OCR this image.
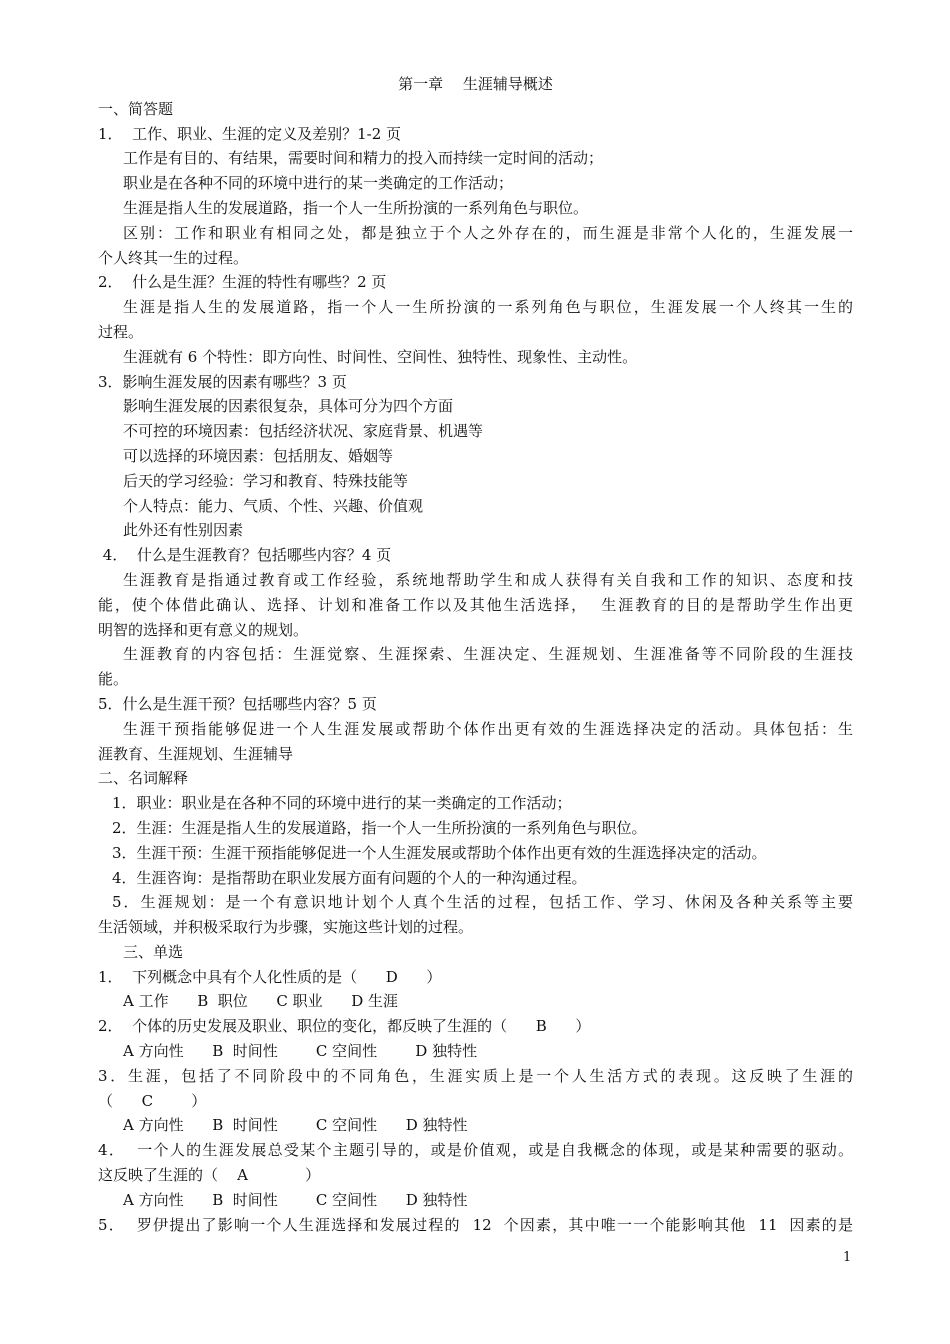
第一章　 生涯辅导概述

一、简答题

1．  工作、职业、生涯的定义及差别？1-2 页

工作是有目的、有结果，需要时间和精力的投入而持续一定时间的活动；

职业是在各种不同的环境中进行的某一类确定的工作活动；

生涯是指人生的发展道路，指一个人一生所扮演的一系列角色与职位。

区别：工作和职业有相同之处，都是独立于个人之外存在的，而生涯是非常个人化的，生涯发展一

个人终其一生的过程。

2．  什么是生涯？生涯的特性有哪些？2 页

生涯是指人生的发展道路，指一个人一生所扮演的一系列角色与职位，生涯发展一个人终其一生的

过程。

生涯就有 6 个特性：即方向性、时间性、空间性、独特性、现象性、主动性。

3．影响生涯发展的因素有哪些？3 页

影响生涯发展的因素很复杂，具体可分为四个方面

不可控的环境因素：包括经济状况、家庭背景、机遇等

可以选择的环境因素：包括朋友、婚姻等

后天的学习经验：学习和教育、特殊技能等

个人特点：能力、气质、个性、兴趣、价值观

此外还有性别因素

4．  什么是生涯教育？包括哪些内容？4 页

生涯教育是指通过教育或工作经验，系统地帮助学生和成人获得有关自我和工作的知识、态度和技

能，使个体借此确认、选择、计划和准备工作以及其他生活选择，  生涯教育的目的是帮助学生作出更

明智的选择和更有意义的规划。

生涯教育的内容包括：生涯觉察、生涯探索、生涯决定、生涯规划、生涯准备等不同阶段的生涯技

能。

5．什么是生涯干预？包括哪些内容？5 页

生涯干预指能够促进一个人生涯发展或帮助个体作出更有效的生涯选择决定的活动。具体包括：生

涯教育、生涯规划、生涯辅导

二、名词解释

1．职业：职业是在各种不同的环境中进行的某一类确定的工作活动；

2．生涯：生涯是指人生的发展道路，指一个人一生所扮演的一系列角色与职位。

3．生涯干预：生涯干预指能够促进一个人生涯发展或帮助个体作出更有效的生涯选择决定的活动。

4．生涯咨询：是指帮助在职业发展方面有问题的个人的一种沟通过程。

5．生涯规划：是一个有意识地计划个人真个生活的过程，包括工作、学习、休闲及各种关系等主要

生活领域，并积极采取行为步骤，实施这些计划的过程。

三、单选

1．  下列概念中具有个人化性质的是（      D      ）

A 工作      B  职位      C 职业      D 生涯

2．  个体的历史发展及职业、职位的变化，都反映了生涯的（      B      ）

A 方向性      B  时间性        C 空间性        D 独特性

3．生涯，包括了不同阶段中的不同角色，生涯实质上是一个人生活方式的表现。这反映了生涯的

（      C        ）

A 方向性      B  时间性        C 空间性      D 独特性

4．  一个人的生涯发展总受某个主题引导的，或是价值观，或是自我概念的体现，或是某种需要的驱动。

这反映了生涯的（    A            ）

A 方向性      B  时间性        C 空间性      D 独特性

5．  罗伊提出了影响一个人生涯选择和发展过程的  12  个因素，其中唯一一个能影响其他  11  因素的是

1
